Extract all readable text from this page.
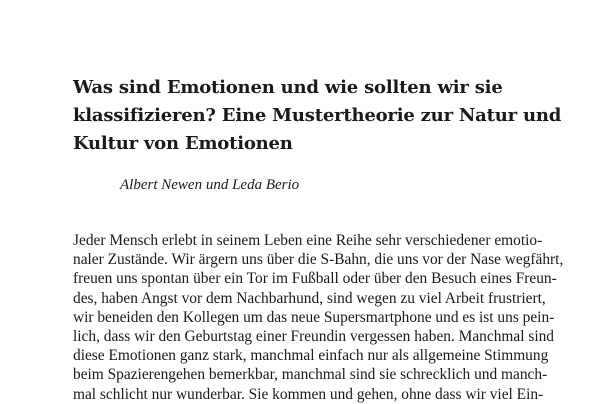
Was sind Emotionen und wie sollten wir sie
klassifizieren? Eine Mustertheorie zur Natur und
Kultur von Emotionen

Albert Newen und Leda Berio

Jeder Mensch erlebt in seinem Leben eine Reihe sehr verschiedener emotio-
naler Zustände. Wir ärgern uns über die S-Bahn, die uns vor der Nase wegfährt,
freuen uns spontan über ein Tor im Fußball oder über den Besuch eines Freun-
des, haben Angst vor dem Nachbarhund, sind wegen zu viel Arbeit frustriert,
wir beneiden den Kollegen um das neue Supersmartphone und es ist uns pein-
lich, dass wir den Geburtstag einer Freundin vergessen haben. Manchmal sind
diese Emotionen ganz stark, manchmal einfach nur als allgemeine Stimmung
beim Spazierengehen bemerkbar, manchmal sind sie schrecklich und manch-
mal schlicht nur wunderbar. Sie kommen und gehen, ohne dass wir viel Ein-
